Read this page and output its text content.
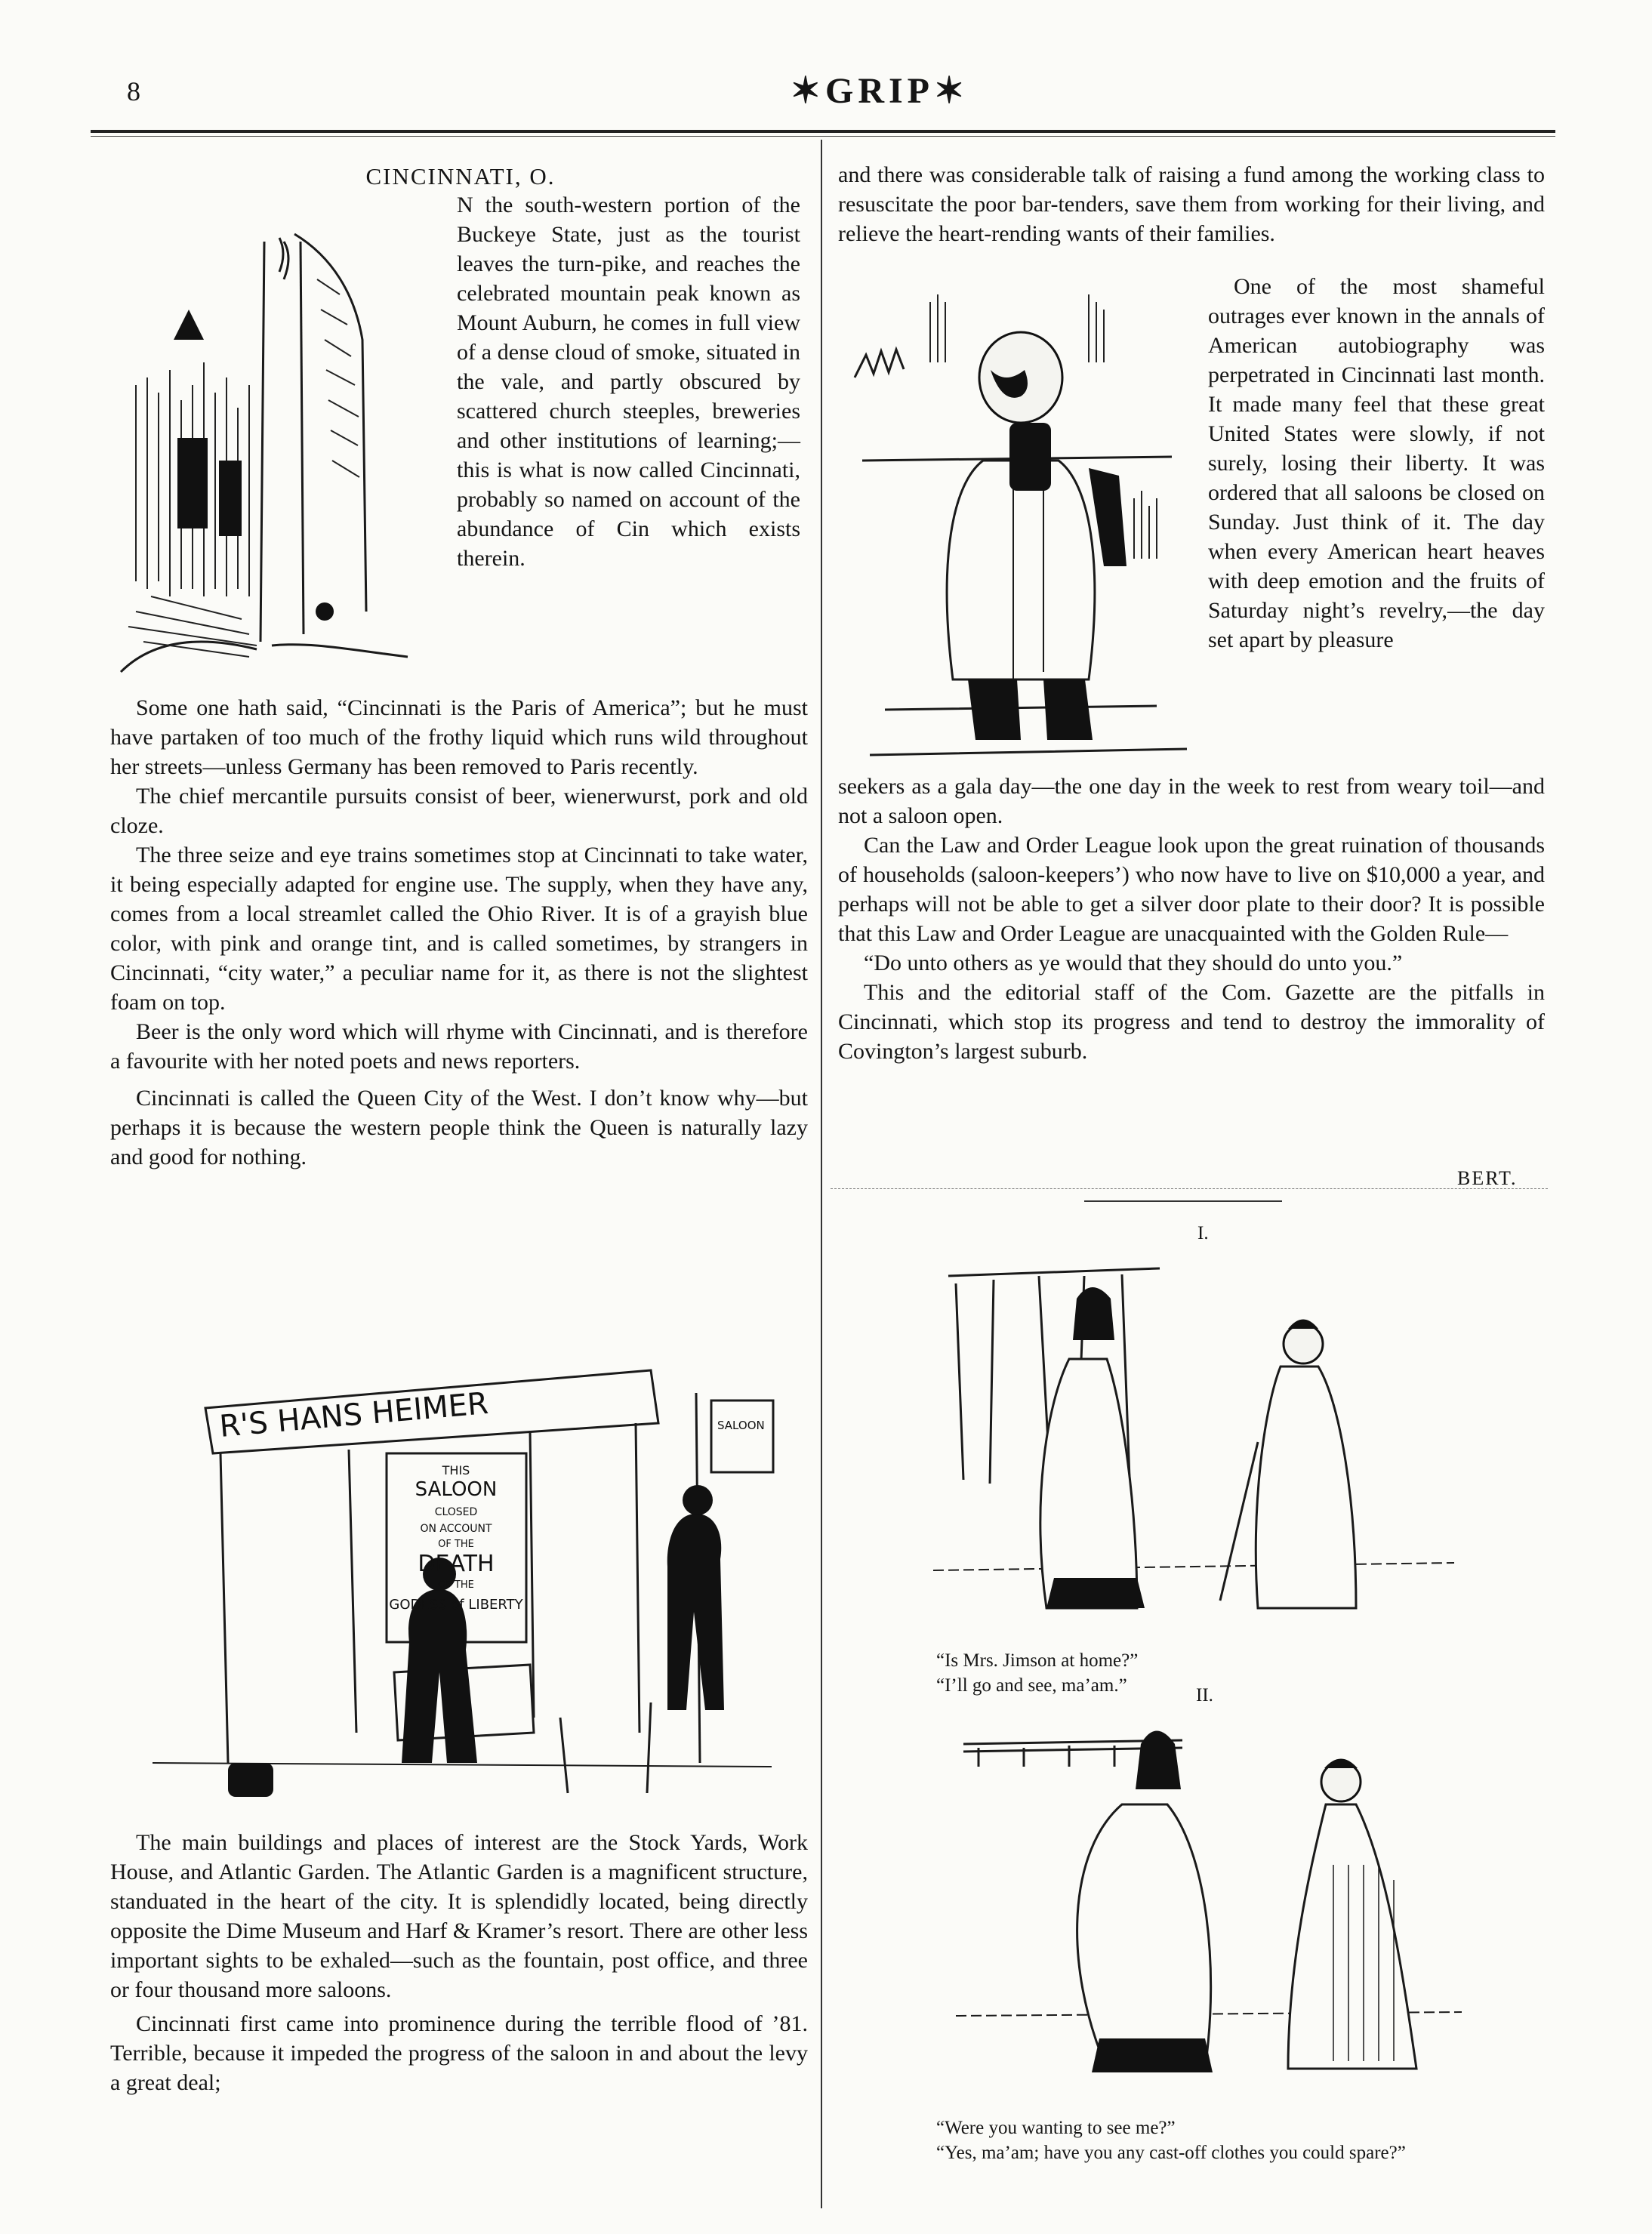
8	✶GRIP✶
CINCINNATI, O.

N the south-western portion of the Buckeye State, just as the tourist leaves the turn-pike, and reaches the celebrated mountain peak known as Mount Auburn, he comes in full view of a dense cloud of smoke, situated in the vale, and partly obscured by scattered church steeples, breweries and other institutions of learning;—this is what is now called Cincinnati, probably so named on account of the abundance of Cin which exists therein.

Some one hath said, “Cincinnati is the Paris of America”; but he must have partaken of too much of the frothy liquid which runs wild throughout her streets—unless Germany has been removed to Paris recently.

The chief mercantile pursuits consist of beer, wienerwurst, pork and old cloze.

The three seize and eye trains sometimes stop at Cincinnati to take water, it being especially adapted for engine use. The supply, when they have any, comes from a local streamlet called the Ohio River. It is of a grayish blue color, with pink and orange tint, and is called sometimes, by strangers in Cincinnati, “city water,” a peculiar name for it, as there is not the slightest foam on top.

Beer is the only word which will rhyme with Cincinnati, and is therefore a favourite with her noted poets and news reporters.

Cincinnati is called the Queen City of the West. I don’t know why—but perhaps it is because the western people think the Queen is naturally lazy and good for nothing.

R'S HANS HEIMER	SALOON
THIS
SALOON
CLOSED
ON ACCOUNT
OF THE
DEATH
OF THE
GODESS of LIBERTY

The main buildings and places of interest are the Stock Yards, Work House, and Atlantic Garden. The Atlantic Garden is a magnificent structure, standuated in the heart of the city. It is splendidly located, being directly opposite the Dime Museum and Harf & Kramer’s resort. There are other less important sights to be exhaled—such as the fountain, post office, and three or four thousand more saloons.

Cincinnati first came into prominence during the terrible flood of ’81. Terrible, because it impeded the progress of the saloon in and about the levy a great deal;

and there was considerable talk of raising a fund among the working class to resuscitate the poor bar-tenders, save them from working for their living, and relieve the heart-rending wants of their families.

One of the most shameful outrages ever known in the annals of American autobiography was perpetrated in Cincinnati last month. It made many feel that these great United States were slowly, if not surely, losing their liberty. It was ordered that all saloons be closed on Sunday. Just think of it. The day when every American heart heaves with deep emotion and the fruits of Saturday night’s revelry,—the day set apart by pleasure

seekers as a gala day—the one day in the week to rest from weary toil—and not a saloon open.

Can the Law and Order League look upon the great ruination of thousands of households (saloon-keepers’) who now have to live on $10,000 a year, and perhaps will not be able to get a silver door plate to their door? It is possible that this Law and Order League are unacquainted with the Golden Rule—

“Do unto others as ye would that they should do unto you.”

This and the editorial staff of the Com. Gazette are the pitfalls in Cincinnati, which stop its progress and tend to destroy the immorality of Covington’s largest suburb.

BERT.
I.
“Is Mrs. Jimson at home?”
“I’ll go and see, ma’am.”	II.
“Were you wanting to see me?”
“Yes, ma’am; have you any cast-off clothes you could spare?”
